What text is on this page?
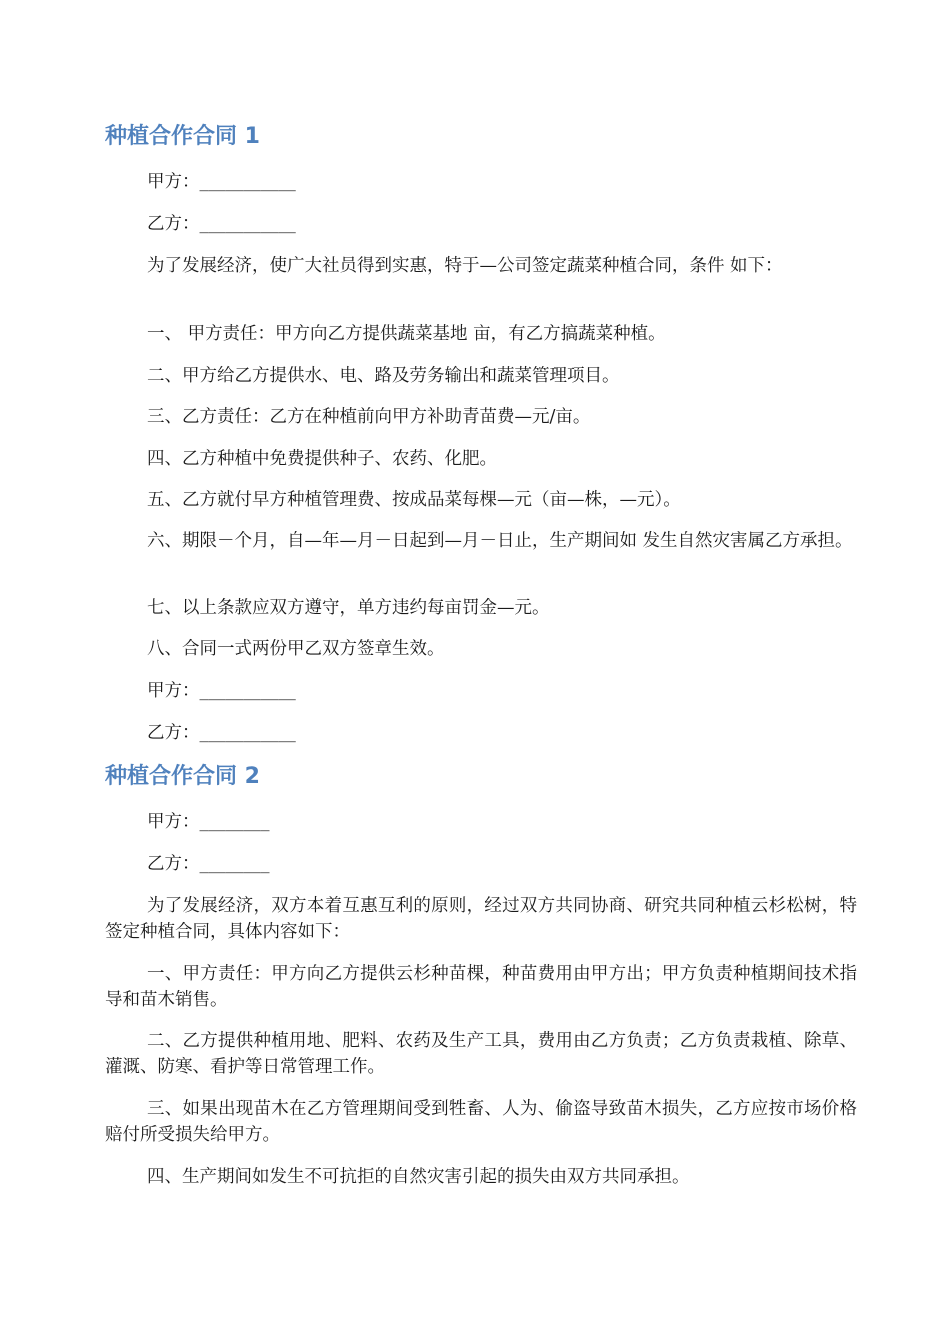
种植合作合同 1
甲方：___________
乙方：___________
为了发展经济，使广大社员得到实惠，特于—公司签定蔬菜种植合同，条件 如下：
一、 甲方责任：甲方向乙方提供蔬菜基地 亩，有乙方搞蔬菜种植。
二、甲方给乙方提供水、电、路及劳务输出和蔬菜管理项目。
三、乙方责任：乙方在种植前向甲方补助青苗费—元/亩。
四、乙方种植中免费提供种子、农药、化肥。
五、乙方就付早方种植管理费、按成品菜每棵—元（亩—株，—元）。
六、期限－个月，自—年—月－日起到—月－日止，生产期间如 发生自然灾害属乙方承担。
七、以上条款应双方遵守，单方违约每亩罚金—元。
八、合同一式两份甲乙双方签章生效。
甲方：___________
乙方：___________
种植合作合同 2
甲方：________
乙方：________
为了发展经济，双方本着互惠互利的原则，经过双方共同协商、研究共同种植云杉松树，特签定种植合同，具体内容如下：
一、甲方责任：甲方向乙方提供云杉种苗棵，种苗费用由甲方出；甲方负责种植期间技术指导和苗木销售。
二、乙方提供种植用地、肥料、农药及生产工具，费用由乙方负责；乙方负责栽植、除草、灌溉、防寒、看护等日常管理工作。
三、如果出现苗木在乙方管理期间受到牲畜、人为、偷盗导致苗木损失，乙方应按市场价格赔付所受损失给甲方。
四、生产期间如发生不可抗拒的自然灾害引起的损失由双方共同承担。
